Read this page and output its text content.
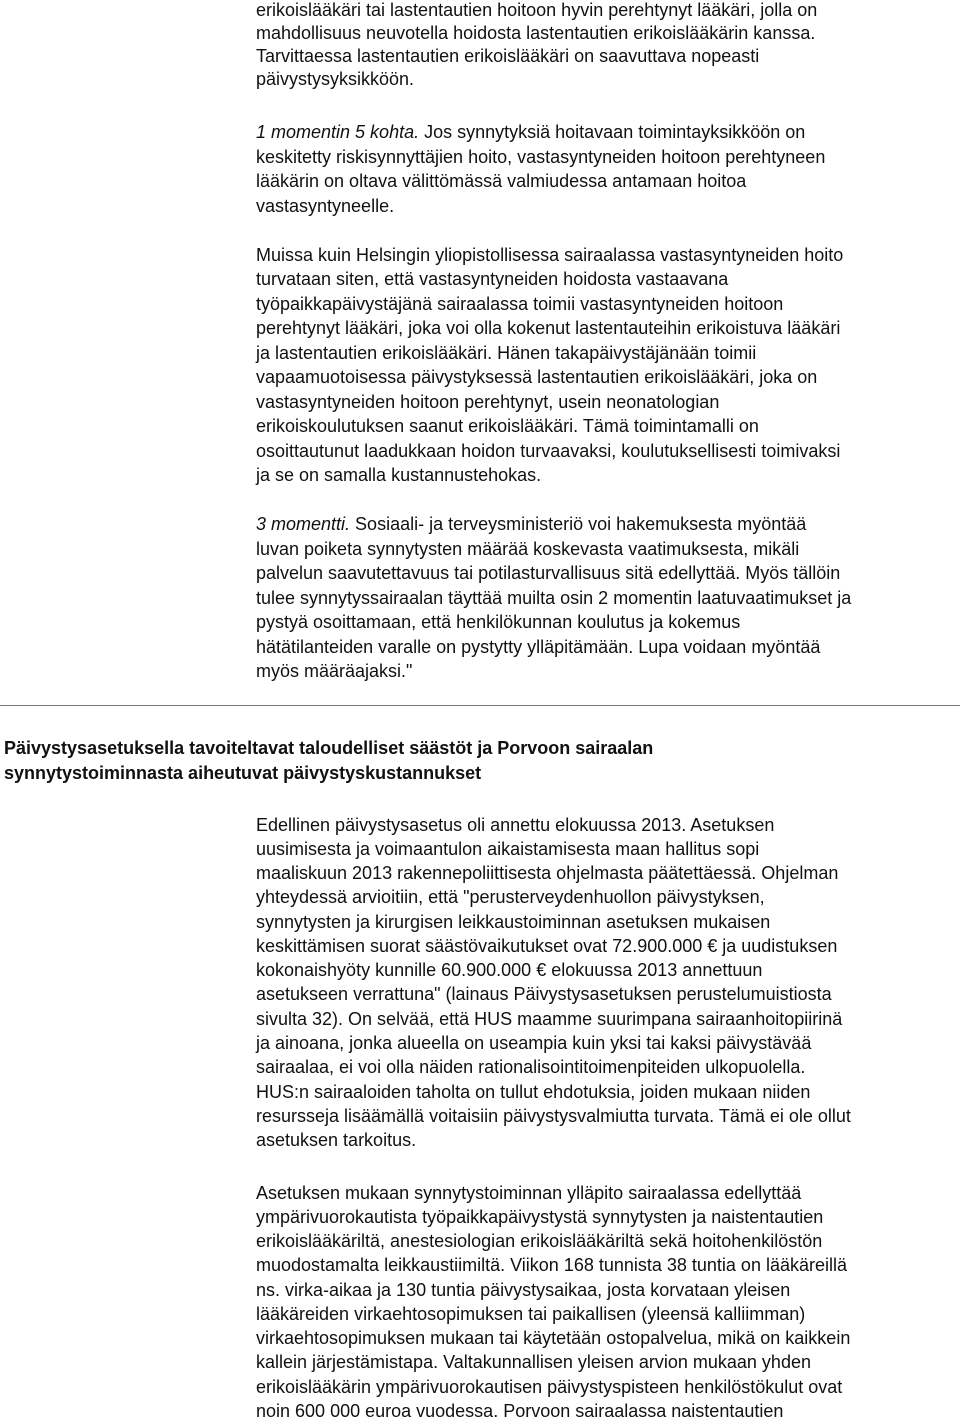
erikoislääkäri tai lastentautien hoitoon hyvin perehtynyt lääkäri, jolla on

mahdollisuus neuvotella hoidosta lastentautien erikoislääkärin kanssa.

Tarvittaessa lastentautien erikoislääkäri on saavuttava nopeasti

päivystysyksikköön.

1 momentin 5 kohta. Jos synnytyksiä hoitavaan toimintayksikköön on

keskitetty riskisynnyttäjien hoito, vastasyntyneiden hoitoon perehtyneen

lääkärin on oltava välittömässä valmiudessa antamaan hoitoa

vastasyntyneelle.

Muissa kuin Helsingin yliopistollisessa sairaalassa vastasyntyneiden hoito

turvataan siten, että vastasyntyneiden hoidosta vastaavana

työpaikkapäivystäjänä sairaalassa toimii vastasyntyneiden hoitoon

perehtynyt lääkäri, joka voi olla kokenut lastentauteihin erikoistuva lääkäri

ja lastentautien erikoislääkäri. Hänen takapäivystäjänään toimii

vapaamuotoisessa päivystyksessä lastentautien erikoislääkäri, joka on

vastasyntyneiden hoitoon perehtynyt, usein neonatologian

erikoiskoulutuksen saanut erikoislääkäri. Tämä toimintamalli on

osoittautunut laadukkaan hoidon turvaavaksi, koulutuksellisesti toimivaksi

ja se on samalla kustannustehokas.

3 momentti. Sosiaali- ja terveysministeriö voi hakemuksesta myöntää

luvan poiketa synnytysten määrää koskevasta vaatimuksesta, mikäli

palvelun saavutettavuus tai potilasturvallisuus sitä edellyttää. Myös tällöin

tulee synnytyssairaalan täyttää muilta osin 2 momentin laatuvaatimukset ja

pystyä osoittamaan, että henkilökunnan koulutus ja kokemus

hätätilanteiden varalle on pystytty ylläpitämään. Lupa voidaan myöntää

myös määräajaksi."

Päivystysasetuksella tavoiteltavat taloudelliset säästöt ja Porvoon sairaalan
synnytystoiminnasta aiheutuvat päivystyskustannukset

Edellinen päivystysasetus oli annettu elokuussa 2013. Asetuksen

uusimisesta ja voimaantulon aikaistamisesta maan hallitus sopi

maaliskuun 2013 rakennepoliittisesta ohjelmasta päätettäessä. Ohjelman

yhteydessä arvioitiin, että "perusterveydenhuollon päivystyksen,

synnytysten ja kirurgisen leikkaustoiminnan asetuksen mukaisen

keskittämisen suorat säästövaikutukset ovat 72.900.000 € ja uudistuksen

kokonaishyöty kunnille 60.900.000 € elokuussa 2013 annettuun

asetukseen verrattuna" (lainaus Päivystysasetuksen perustelumuistiosta

sivulta 32). On selvää, että HUS maamme suurimpana sairaanhoitopiirinä

ja ainoana, jonka alueella on useampia kuin yksi tai kaksi päivystävää

sairaalaa, ei voi olla näiden rationalisointitoimenpiteiden ulkopuolella.

HUS:n sairaaloiden taholta on tullut ehdotuksia, joiden mukaan niiden

resursseja lisäämällä voitaisiin päivystysvalmiutta turvata. Tämä ei ole ollut

asetuksen tarkoitus.

Asetuksen mukaan synnytystoiminnan ylläpito sairaalassa edellyttää

ympärivuorokautista työpaikkapäivystystä synnytysten ja naistentautien

erikoislääkäriltä, anestesiologian erikoislääkäriltä sekä hoitohenkilöstön

muodostamalta leikkaustiimiltä. Viikon 168 tunnista 38 tuntia on lääkäreillä

ns. virka-aikaa ja 130 tuntia päivystysaikaa, josta korvataan yleisen

lääkäreiden virkaehtosopimuksen tai paikallisen (yleensä kalliimman)

virkaehtosopimuksen mukaan tai käytetään ostopalvelua, mikä on kaikkein

kallein järjestämistapa. Valtakunnallisen yleisen arvion mukaan yhden

erikoislääkärin ympärivuorokautisen päivystyspisteen henkilöstökulut ovat

noin 600 000 euroa vuodessa. Porvoon sairaalassa naistentautien
